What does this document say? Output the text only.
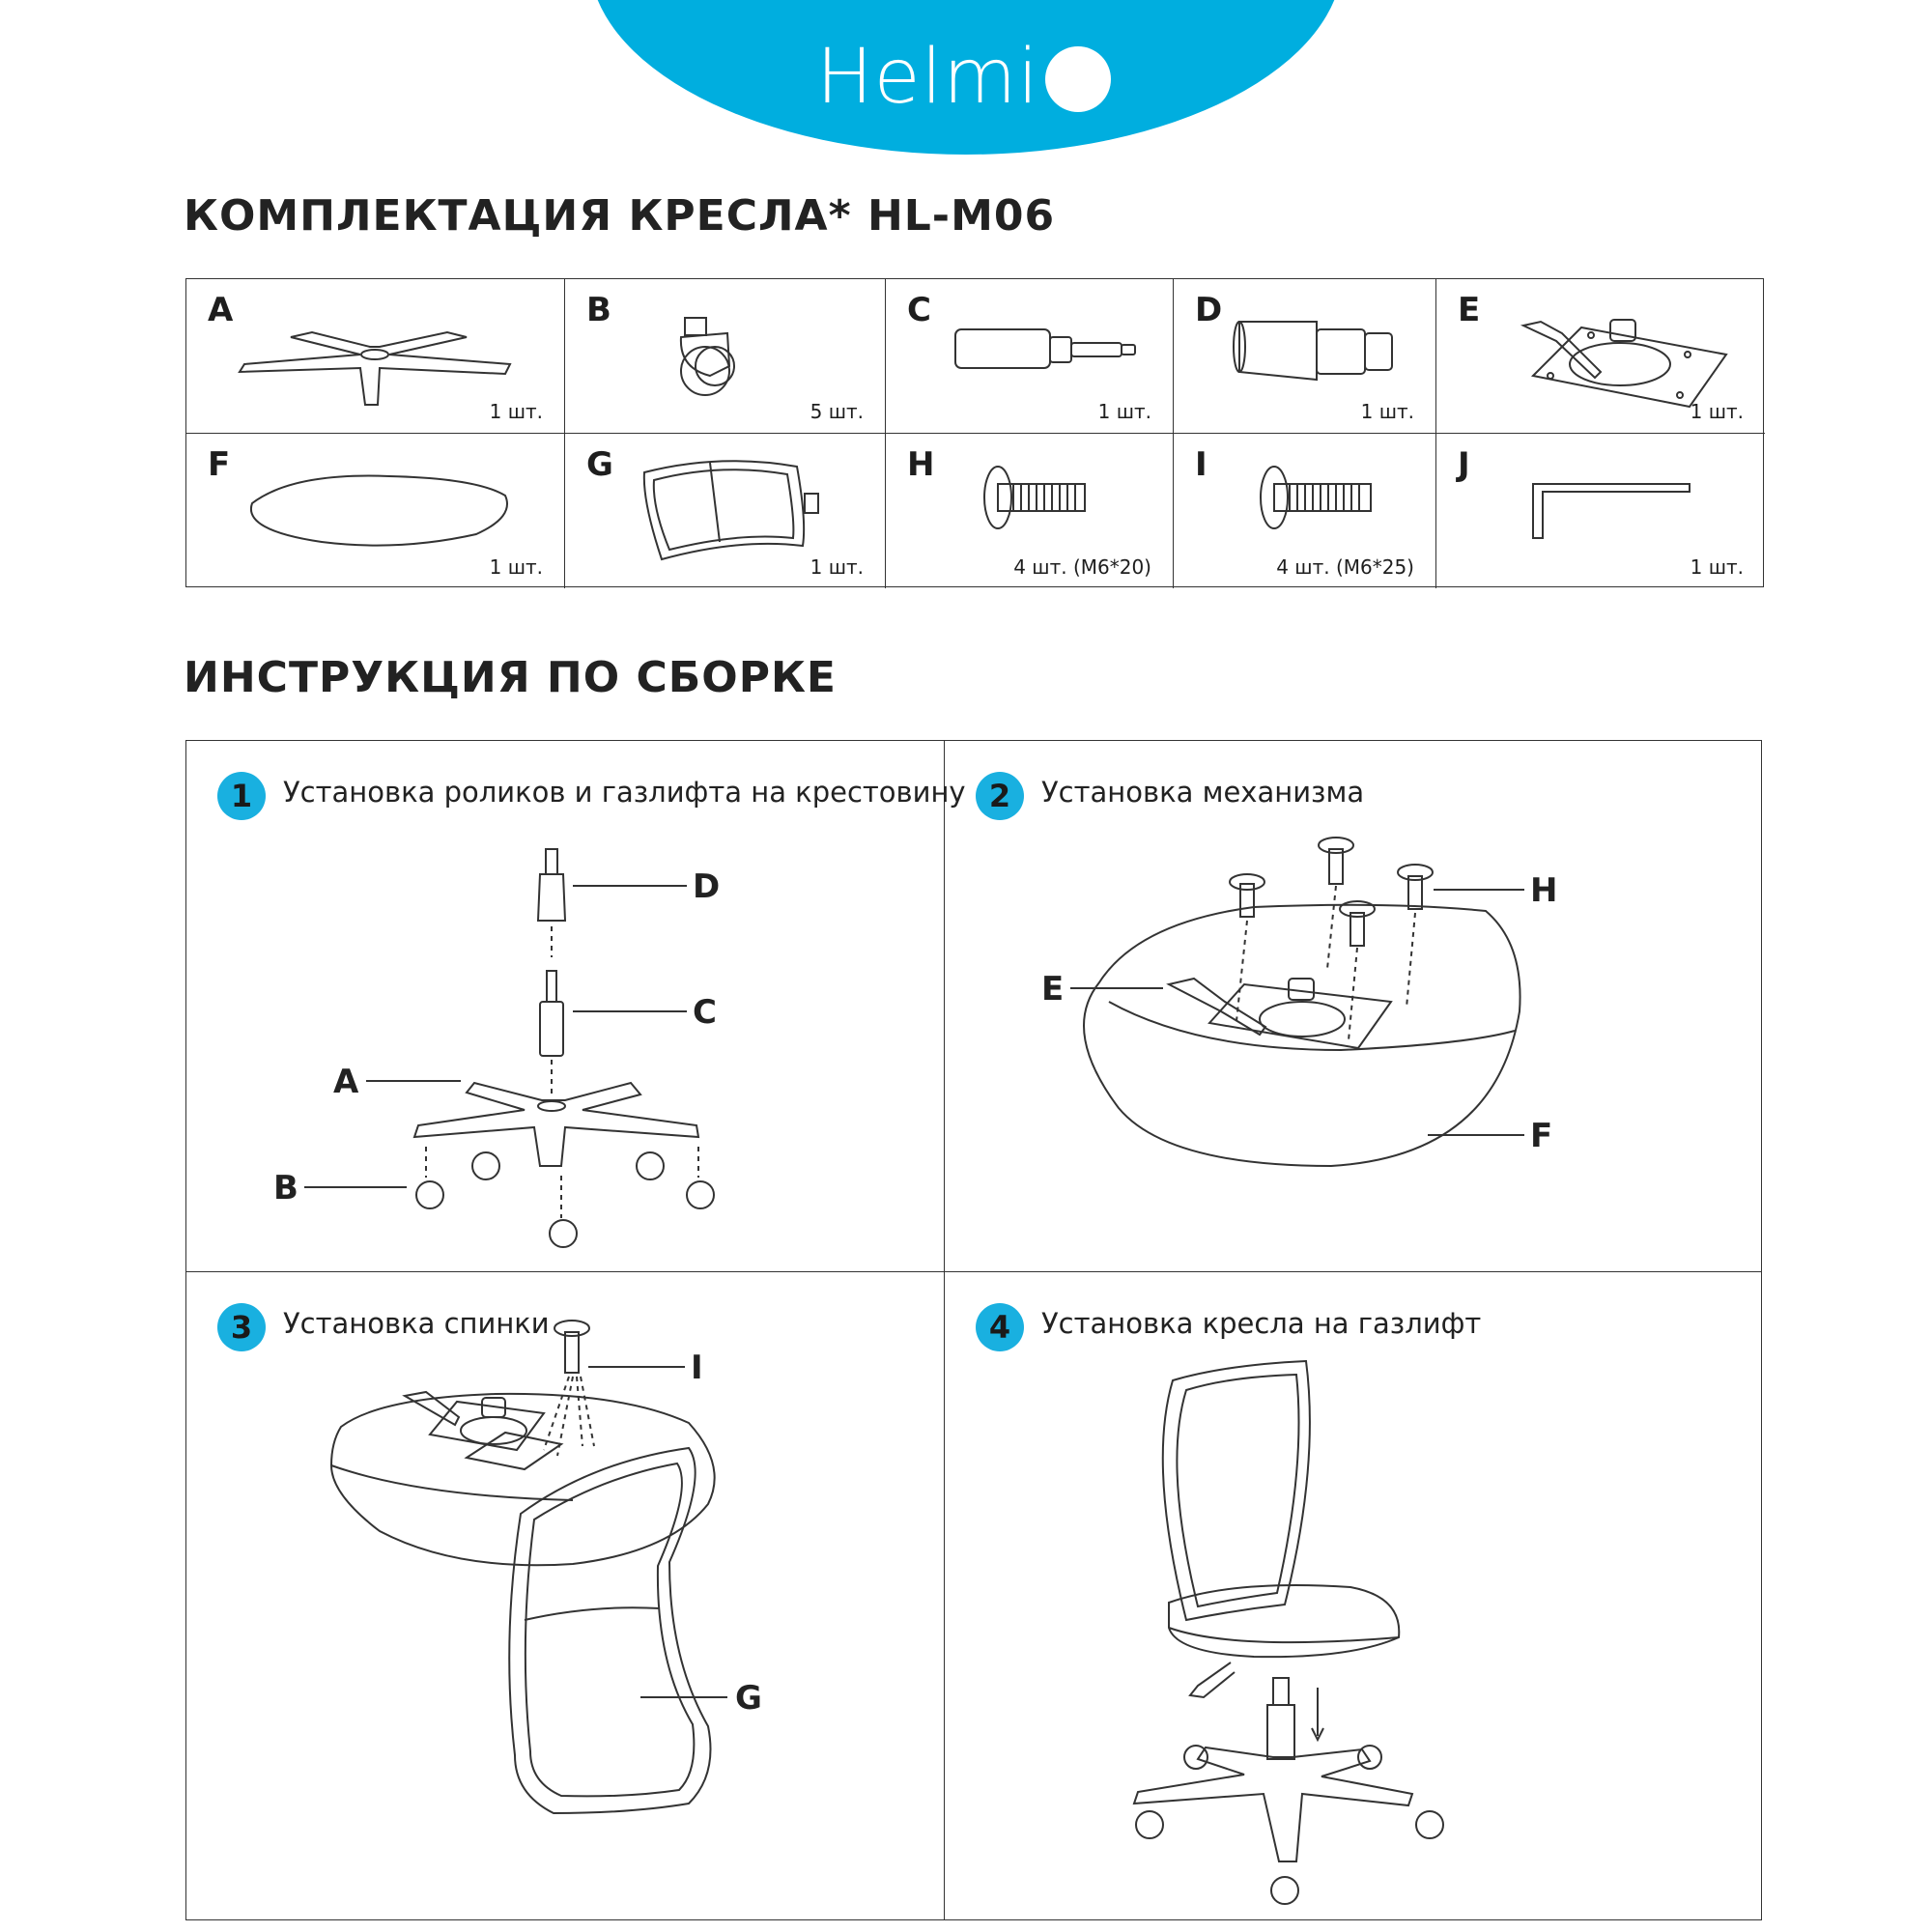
Helmi
КОМПЛЕКТАЦИЯ КРЕСЛА* HL-M06
A
1 шт.
B
5 шт.
C
1 шт.
D
1 шт.
E
1 шт.
F
1 шт.
G
1 шт.
H
4 шт. (M6*20)
I
4 шт. (M6*25)
J
1 шт.
ИНСТРУКЦИЯ ПО СБОРКЕ
1	Установка роликов и газлифта на крестовину
D
C
A
B
2	Установка механизма
E
H
F
3	Установка спинки
I
G
4	Установка кресла на газлифт
